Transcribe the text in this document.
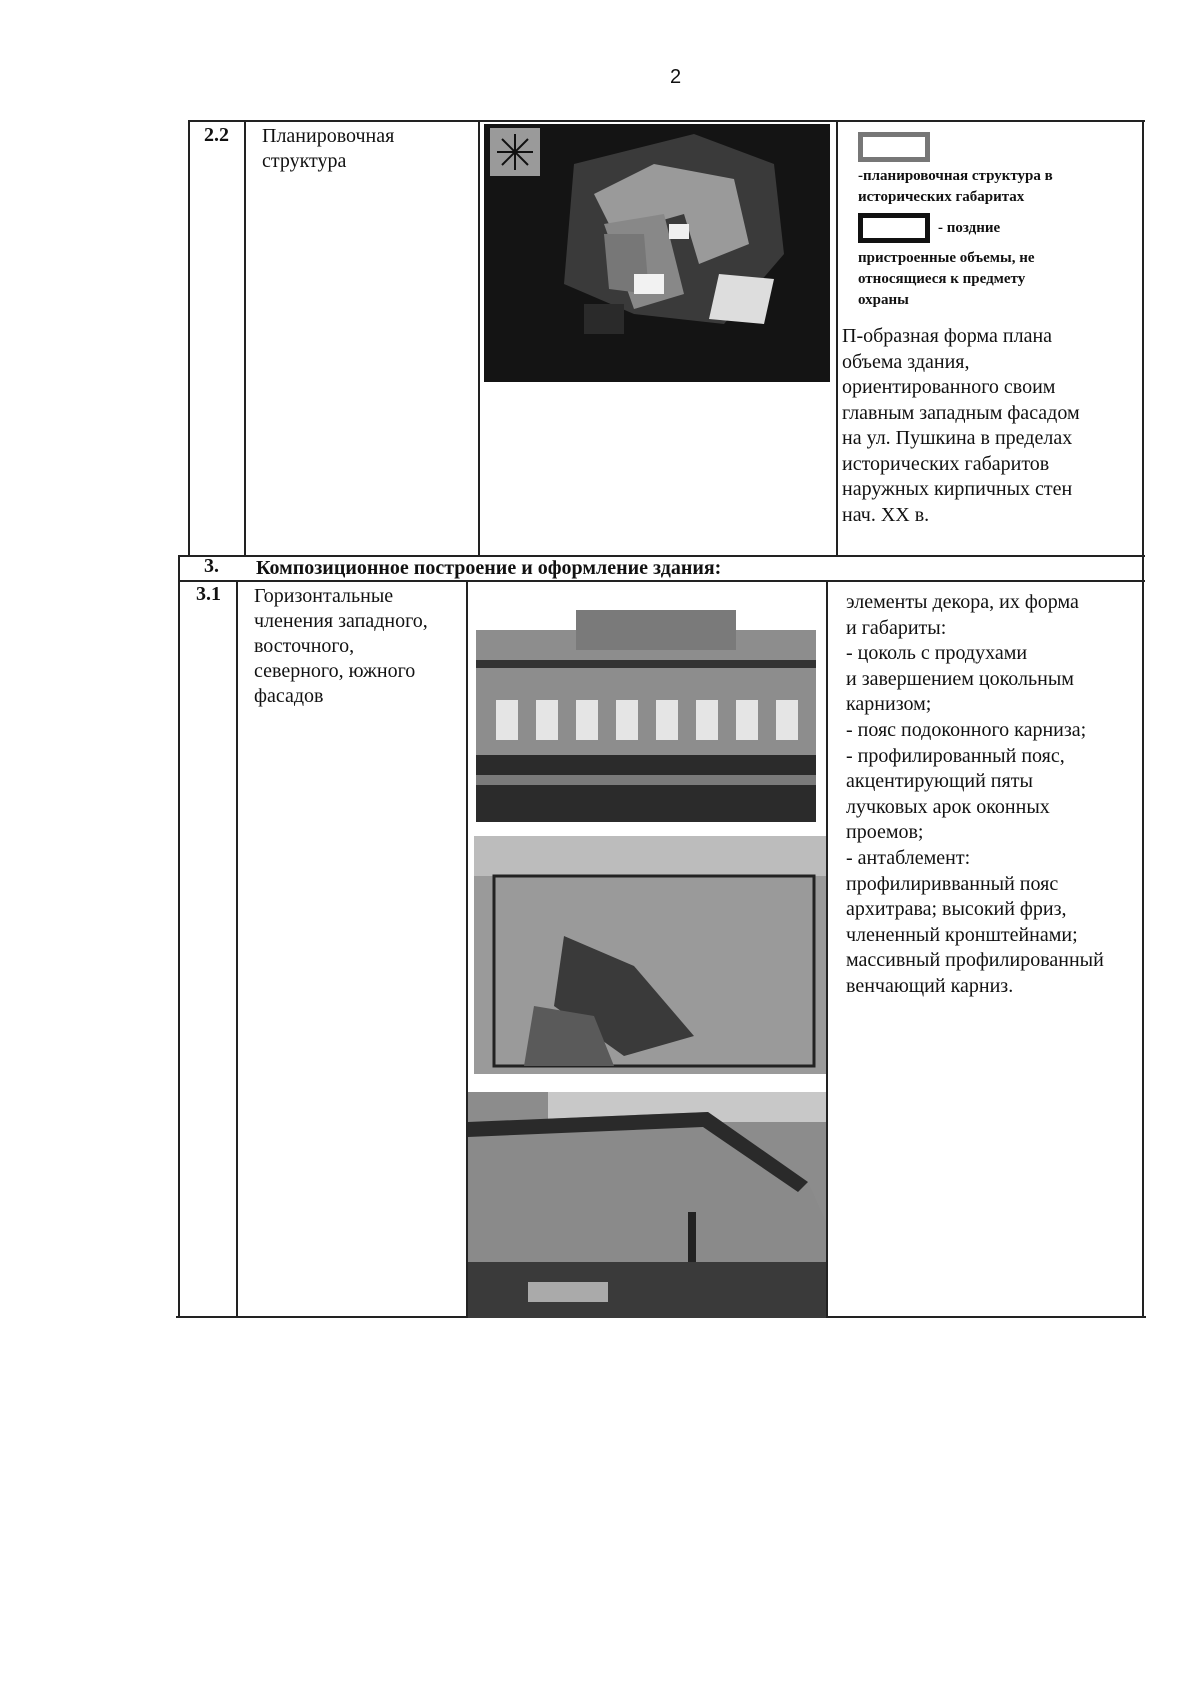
2
2.2 Планировочная
структура
-планировочная структура в
исторических габаритах
- поздние
пристроенные объемы, не
относящиеся к предмету
охраны
П-образная форма плана
объема здания,
ориентированного своим
главным западным фасадом
на ул. Пушкина в пределах
исторических габаритов
наружных кирпичных стен
нач. XX в.
3. Композиционное построение и оформление здания:
3.1 Горизонтальные
членения западного,
восточного,
северного, южного
фасадов
элементы декора, их форма
и габариты:
- цоколь с продухами
и завершением цокольным
карнизом;
- пояс подоконного карниза;
- профилированный пояс,
акцентирующий пяты
лучковых арок оконных
проемов;
- антаблемент:
профилиривванный пояс
архитрава; высокий фриз,
члененный кронштейнами;
массивный профилированный
венчающий карниз.
